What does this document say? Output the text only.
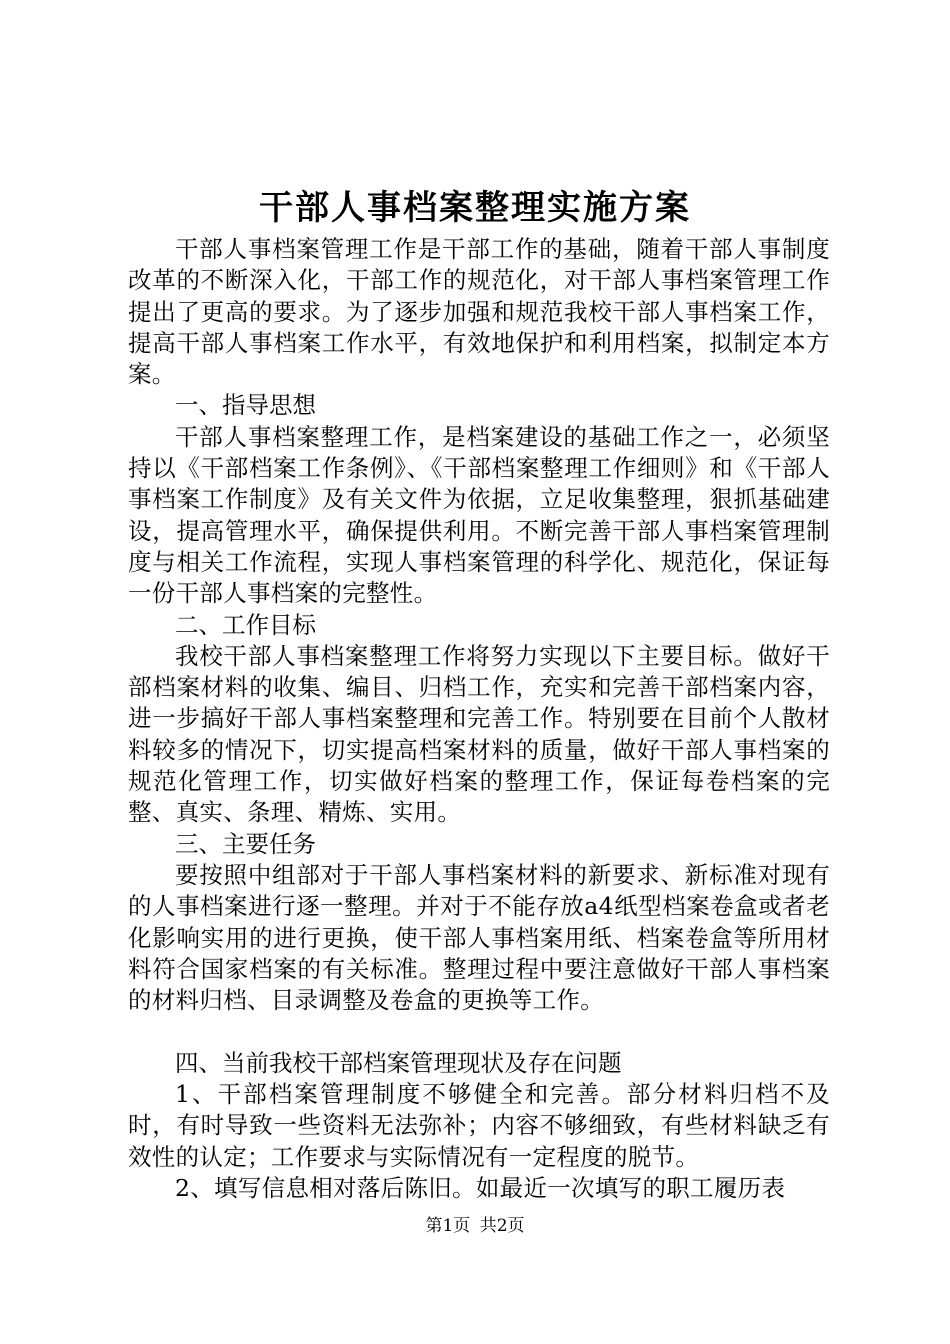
干部人事档案整理实施方案

干部人事档案管理工作是干部工作的基础，随着干部人事制度改革的不断深入化，干部工作的规范化，对干部人事档案管理工作提出了更高的要求。为了逐步加强和规范我校干部人事档案工作，提高干部人事档案工作水平，有效地保护和利用档案，拟制定本方案。

一、指导思想

干部人事档案整理工作，是档案建设的基础工作之一，必须坚持以《干部档案工作条例》、《干部档案整理工作细则》和《干部人事档案工作制度》及有关文件为依据，立足收集整理，狠抓基础建设，提高管理水平，确保提供利用。不断完善干部人事档案管理制度与相关工作流程，实现人事档案管理的科学化、规范化，保证每一份干部人事档案的完整性。

二、工作目标

我校干部人事档案整理工作将努力实现以下主要目标。做好干部档案材料的收集、编目、归档工作，充实和完善干部档案内容，进一步搞好干部人事档案整理和完善工作。特别要在目前个人散材料较多的情况下，切实提高档案材料的质量，做好干部人事档案的规范化管理工作，切实做好档案的整理工作，保证每卷档案的完整、真实、条理、精炼、实用。

三、主要任务

要按照中组部对于干部人事档案材料的新要求、新标准对现有的人事档案进行逐一整理。并对于不能存放a4纸型档案卷盒或者老化影响实用的进行更换，使干部人事档案用纸、档案卷盒等所用材料符合国家档案的有关标准。整理过程中要注意做好干部人事档案的材料归档、目录调整及卷盒的更换等工作。

四、当前我校干部档案管理现状及存在问题

1、干部档案管理制度不够健全和完善。部分材料归档不及时，有时导致一些资料无法弥补；内容不够细致，有些材料缺乏有效性的认定；工作要求与实际情况有一定程度的脱节。

2、填写信息相对落后陈旧。如最近一次填写的职工履历表

第1页 共2页
